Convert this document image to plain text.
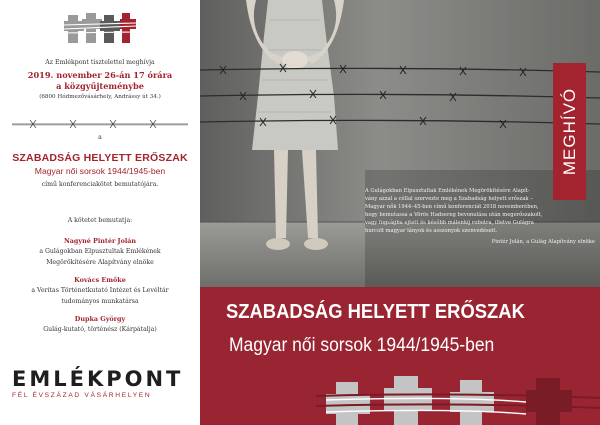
Az Emlékpont tisztelettel meghívja

2019. november 26-án 17 órára

a közgyűjteménybe

(6800 Hódmezővásárhely, Andrássy út 34.)

a

SZABADSÁG HELYETT ERŐSZAK

Magyar női sorsok 1944/1945-ben

című konferenciakötet bemutatójára.

A kötetet bemutatja:

Nagyné Pintér Jolán

a Gulágokban Elpusztultak Emlékének

Megörökítésére Alapítvány elnöke

Kovács Emőke

a Veritas Történetkutató Intézet és Levéltár

tudományos munkatársa

Dupka György

Gulág-kutató, történész (Kárpátalja)

EMLÉKPONT
FÉL ÉVSZÁZAD VÁSÁRHELYEN
MEGHÍVÓ

A Gulágokban Elpusztultak Emlékének Megörökítésére Alapít-

vány azzal a céllal szervezte meg a Szabadság helyett erőszak –

Magyar nők 1944–45-ben című konferenciát 2018 novemberében,

hogy bemutassa a Vörös Hadsereg bevonulása után megerőszakolt,

vagy fogságba ejtett és később málenkij robotra, illetve Gulágra

hurcolt magyar lányok és asszonyok szenvedéseit.

Pintér Jolán, a Gulág Alapítvány elnöke

SZABADSÁG HELYETT ERŐSZAK
Magyar női sorsok 1944/1945-ben
